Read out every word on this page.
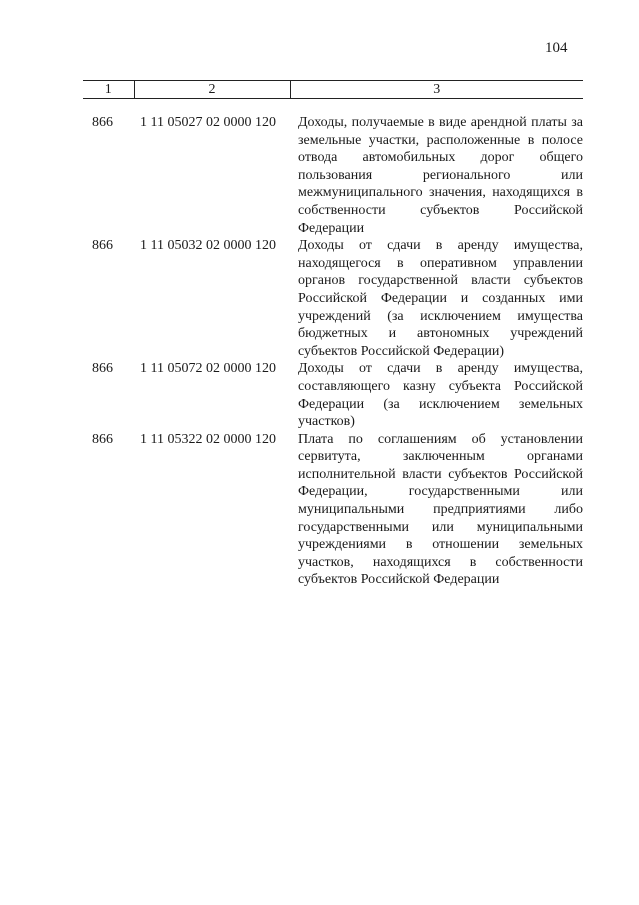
104
1	2	3
866	1 11 05027 02 0000 120	Доходы, получаемые в виде арендной платы за земельные участки, расположенные в полосе отвода автомобильных дорог общего пользования регионального или межмуниципального значения, находящихся в собственности субъектов Российской Федерации
866	1 11 05032 02 0000 120	Доходы от сдачи в аренду имущества, находящегося в оперативном управлении органов государственной власти субъектов Российской Федерации и созданных ими учреждений (за исключением имущества бюджетных и автономных учреждений субъектов Российской Федерации)
866	1 11 05072 02 0000 120	Доходы от сдачи в аренду имущества, составляющего казну субъекта Российской Федерации (за исключением земельных участков)
866	1 11 05322 02 0000 120	Плата по соглашениям об установлении сервитута, заключенным органами исполнительной власти субъектов Российской Федерации, государственными или муниципальными предприятиями либо государственными или муниципальными учреждениями в отношении земельных участков, находящихся в собственности субъектов Российской Федерации
